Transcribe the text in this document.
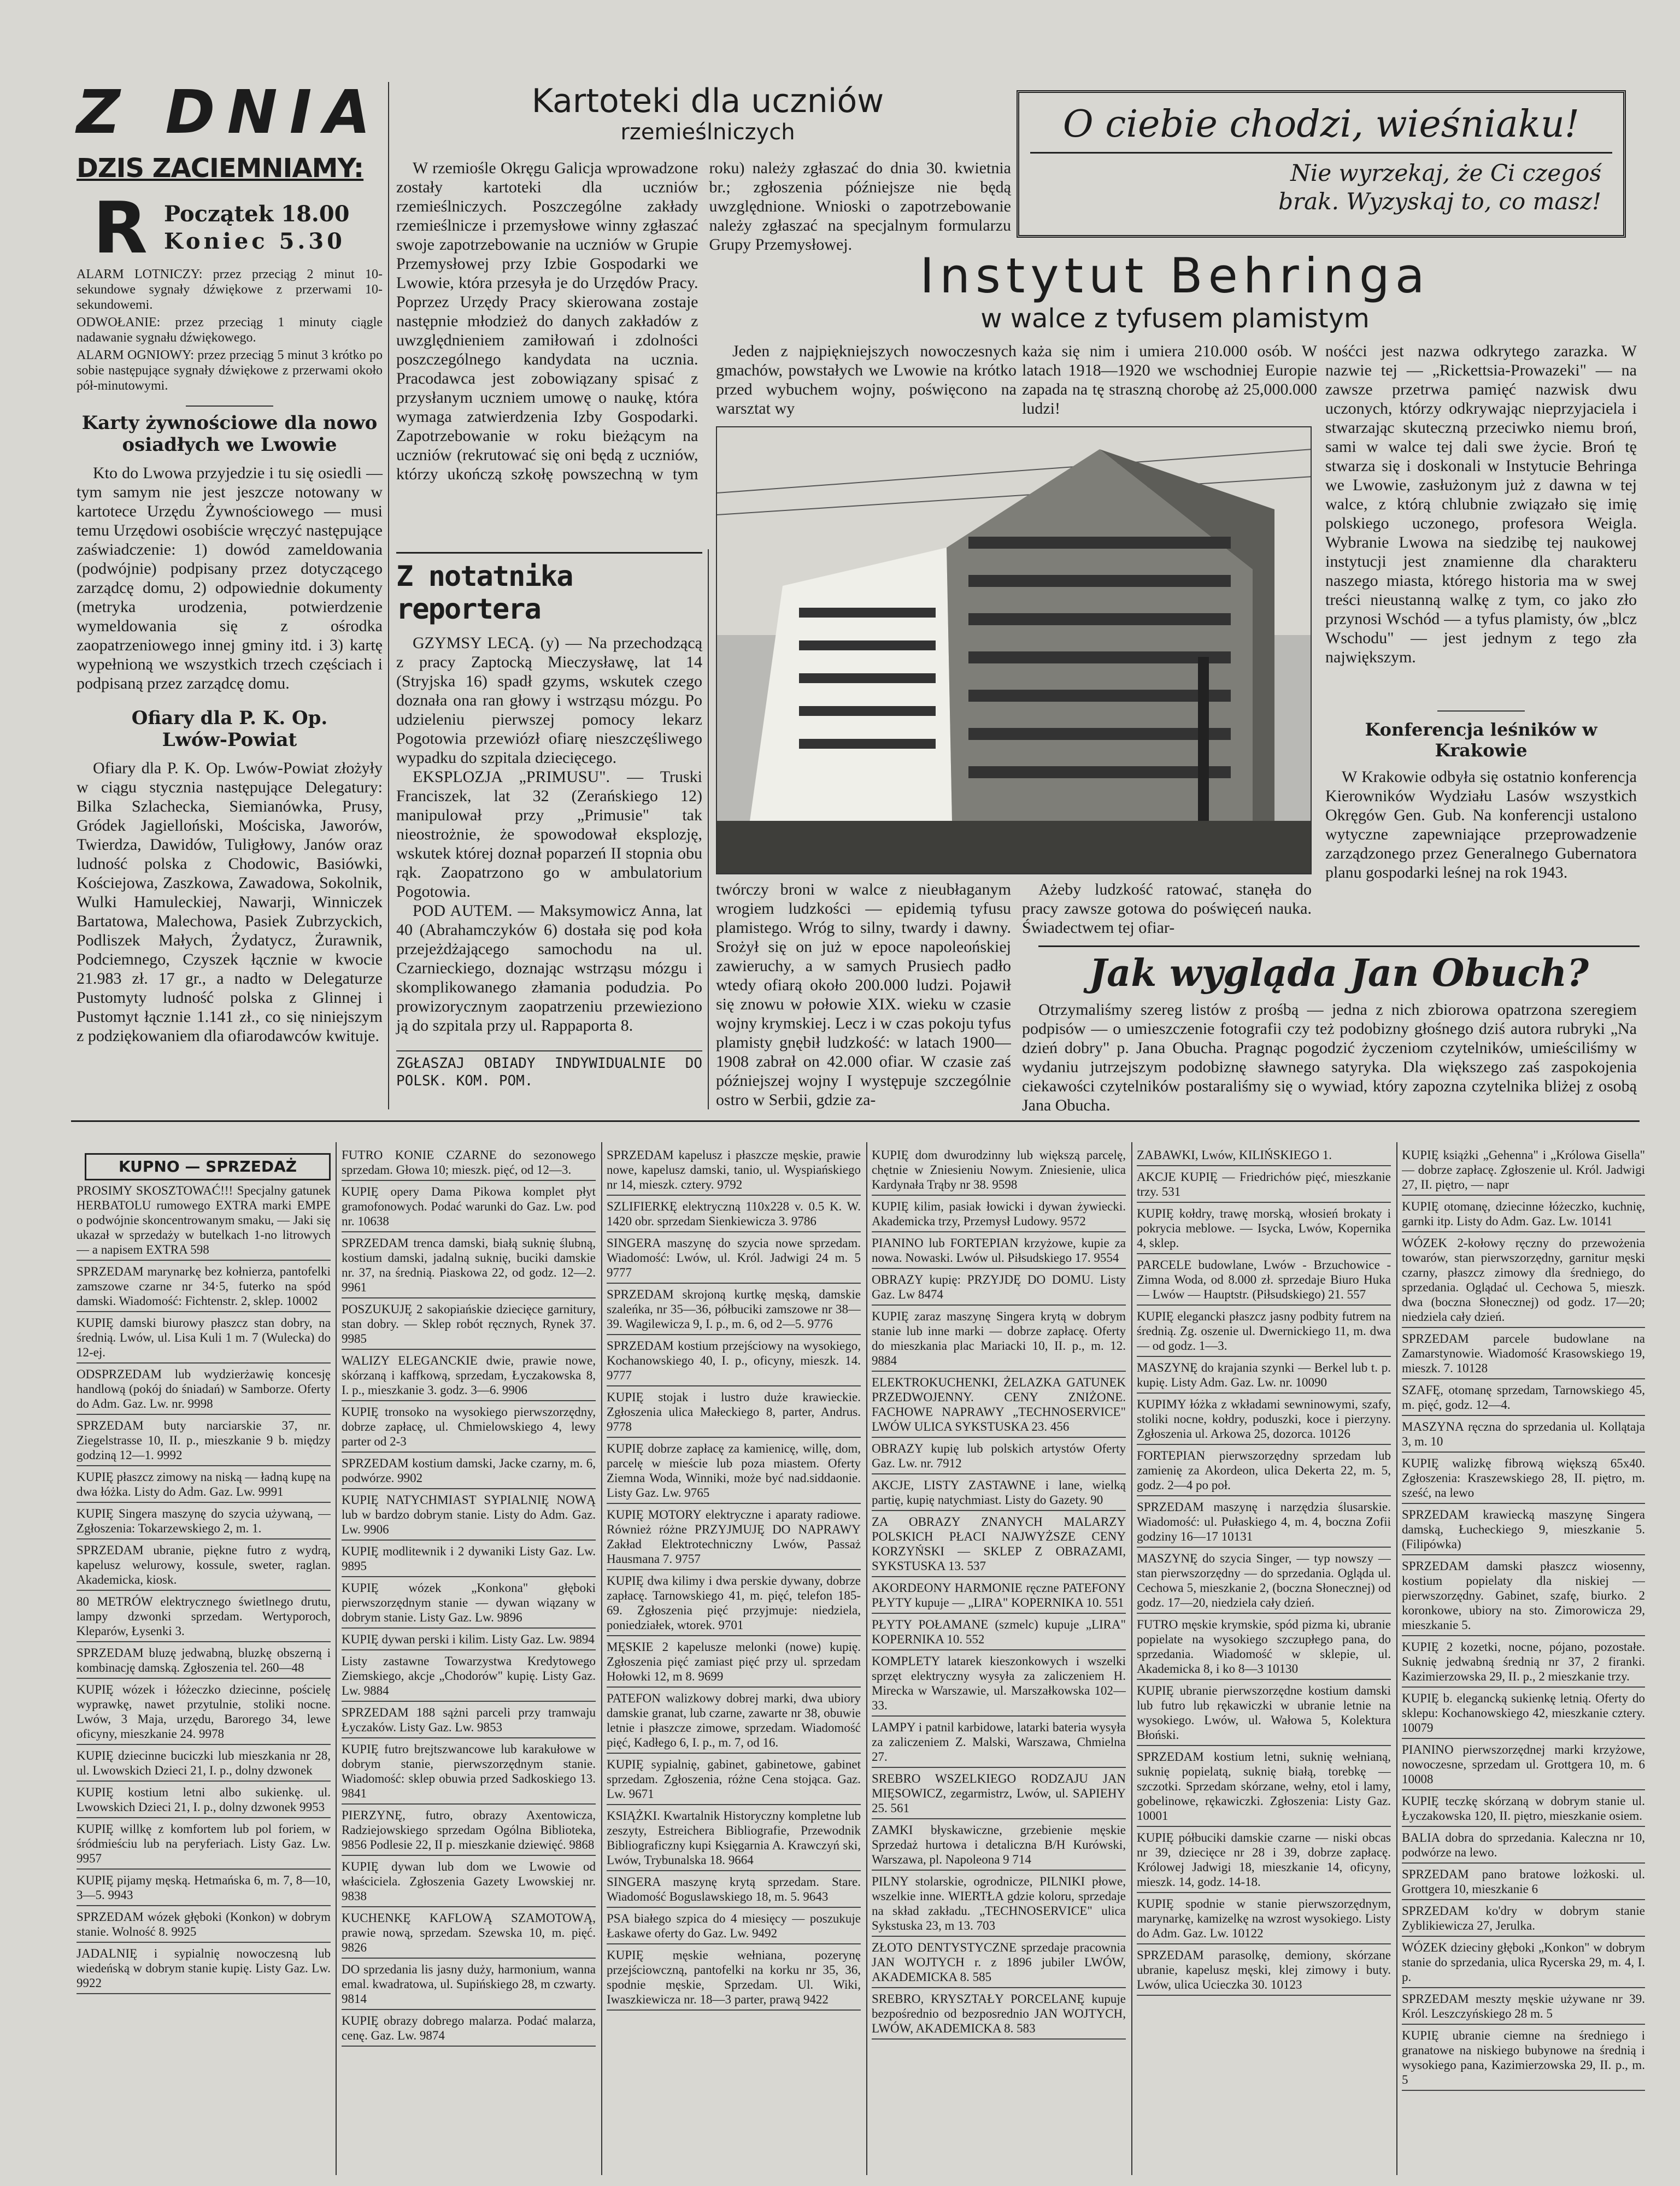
Z DNIA
DZIS ZACIEMNIAMY:
R Początek 18.00
Koniec 5.30

ALARM LOTNICZY: przez przeciąg 2 minut 10-sekundowe sygnały dźwiękowe z przerwami 10-sekundowemi.

ODWOŁANIE: przez przeciąg 1 minuty ciągle nadawanie sygnału dźwiękowego.

ALARM OGNIOWY: przez przeciąg 5 minut 3 krótko po sobie następujące sygnały dźwiękowe z przerwami około pół-minutowymi.

Karty żywnościowe dla nowo osiadłych we Lwowie

Kto do Lwowa przyjedzie i tu się osiedli — tym samym nie jest jeszcze notowany w kartotece Urzędu Żywnościowego — musi temu Urzędowi osobiście wręczyć następujące zaświadczenie: 1) dowód zameldowania (podwójnie) podpisany przez dotyczącego zarządcę domu, 2) odpowiednie dokumenty (metryka urodzenia, potwierdzenie wymeldowania się z ośrodka zaopatrzeniowego innej gminy itd. i 3) kartę wypełnioną we wszystkich trzech częściach i podpisaną przez zarządcę domu.

Ofiary dla P. K. Op. Lwów-Powiat

Ofiary dla P. K. Op. Lwów-Powiat złożyły w ciągu stycznia następujące Delegatury: Bilka Szlachecka, Siemianówka, Prusy, Gródek Jagielloński, Mościska, Jaworów, Twierdza, Dawidów, Tuligłowy, Janów oraz ludność polska z Chodowic, Basiówki, Kościejowa, Zaszkowa, Zawadowa, Sokolnik, Wulki Hamuleckiej, Nawarji, Winniczek Bartatowa, Malechowa, Pasiek Zubrzyckich, Podliszek Małych, Żydatycz, Żurawnik, Podciemnego, Czyszek łącznie w kwocie 21.983 zł. 17 gr., a nadto w Delegaturze Pustomyty ludność polska z Glinnej i Pustomyt łącznie 1.141 zł., co się niniejszym z podziękowaniem dla ofiarodawców kwituje.

Kartoteki dla uczniów
rzemieślniczych

W rzemiośle Okręgu Galicja wprowadzone zostały kartoteki dla uczniów rzemieślniczych. Poszczególne zakłady rzemieślnicze i przemysłowe winny zgłaszać swoje zapotrzebowanie na uczniów w Grupie Przemysłowej przy Izbie Gospodarki we Lwowie, która przesyła je do Urzędów Pracy. Poprzez Urzędy Pracy skierowana zostaje następnie młodzież do danych zakładów z uwzględnieniem zamiłowań i zdolności poszczególnego kandydata na ucznia. Pracodawca jest zobowiązany spisać z przysłanym uczniem umowę o naukę, która wymaga zatwierdzenia Izby Gospodarki. Zapotrzebowanie w roku bieżącym na uczniów (rekrutować się oni będą z uczniów, którzy ukończą szkołę powszechną w tym roku) należy zgłaszać do dnia 30. kwietnia br.; zgłoszenia późniejsze nie będą uwzględnione. Wnioski o zapotrzebowanie należy zgłaszać na specjalnym formularzu Grupy Przemysłowej.

Z notatnika reportera

GZYMSY LECĄ. (y) — Na przechodzącą z pracy Zaptocką Mieczysławę, lat 14 (Stryjska 16) spadł gzyms, wskutek czego doznała ona ran głowy i wstrząsu mózgu. Po udzieleniu pierwszej pomocy lekarz Pogotowia przewiózł ofiarę nieszczęśliwego wypadku do szpitala dziecięcego.

EKSPLOZJA „PRIMUSU". — Truski Franciszek, lat 32 (Zerańskiego 12) manipulował przy „Primusie" tak nieostrożnie, że spowodował eksplozję, wskutek której doznał poparzeń II stopnia obu rąk. Zaopatrzono go w ambulatorium Pogotowia.

POD AUTEM. — Maksymowicz Anna, lat 40 (Abrahamczyków 6) dostała się pod koła przejeżdżającego samochodu na ul. Czarnieckiego, doznając wstrząsu mózgu i skomplikowanego złamania podudzia. Po prowizorycznym zaopatrzeniu przewieziono ją do szpitala przy ul. Rappaporta 8.

ZGŁASZAJ OBIADY INDYWIDUALNIE DO POLSK. KOM. POM.

O ciebie chodzi, wieśniaku!
Nie wyrzekaj, że Ci czegoś
brak. Wyzyskaj to, co masz!
Instytut Behringa
w walce z tyfusem plamistym

Jeden z najpiękniejszych nowoczesnych gmachów, powstałych we Lwowie na krótko przed wybuchem wojny, poświęcono na warsztat wy

każa się nim i umiera 210.000 osób. W latach 1918—1920 we wschodniej Europie zapada na tę straszną chorobę aż 25,000.000 ludzi!

nośćci jest nazwa odkrytego zarazka. W nazwie tej — „Rickettsia-Prowazeki" — na zawsze przetrwa pamięć nazwisk dwu uczonych, którzy odkrywając nieprzyjaciela i stwarzając skuteczną przeciwko niemu broń, sami w walce tej dali swe życie. Broń tę stwarza się i doskonali w Instytucie Behringa we Lwowie, zasłużonym już z dawna w tej walce, z którą chlubnie związało się imię polskiego uczonego, profesora Weigla. Wybranie Lwowa na siedzibę tej naukowej instytucji jest znamienne dla charakteru naszego miasta, którego historia ma w swej treści nieustanną walkę z tym, co jako zło przynosi Wschód — a tyfus plamisty, ów „blcz Wschodu" — jest jednym z tego zła największym.

twórczy broni w walce z nieubłaganym wrogiem ludzkości — epidemią tyfusu plamistego. Wróg to silny, twardy i dawny. Srożył się on już w epoce napoleońskiej zawieruchy, a w samych Prusiech padło wtedy ofiarą około 200.000 ludzi. Pojawił się znowu w połowie XIX. wieku w czasie wojny krymskiej. Lecz i w czas pokoju tyfus plamisty gnębił ludzkość: w latach 1900—1908 zabrał on 42.000 ofiar. W czasie zaś późniejszej wojny I występuje szczególnie ostro w Serbii, gdzie za-

Ażeby ludzkość ratować, stanęła do pracy zawsze gotowa do poświęceń nauka. Świadectwem tej ofiar-

Konferencja leśników w Krakowie

W Krakowie odbyła się ostatnio konferencja Kierowników Wydziału Lasów wszystkich Okręgów Gen. Gub. Na konferencji ustalono wytyczne zapewniające przeprowadzenie zarządzonego przez Generalnego Gubernatora planu gospodarki leśnej na rok 1943.

Jak wygląda Jan Obuch?

Otrzymaliśmy szereg listów z prośbą — jedna z nich zbiorowa opatrzona szeregiem podpisów — o umieszczenie fotografii czy też podobizny głośnego dziś autora rubryki „Na dzień dobry" p. Jana Obucha. Pragnąc pogodzić życzeniom czytelników, umieściliśmy w wydaniu jutrzejszym podobiznę sławnego satyryka. Dla większego zaś zaspokojenia ciekawości czytelników postaraliśmy się o wywiad, który zapozna czytelnika bliżej z osobą Jana Obucha.

KUPNO — SPRZEDAŻ

PROSIMY SKOSZTOWAĆ!!! Specjalny gatunek HERBATOLU rumowego EXTRA marki EMPE o podwójnie skoncentrowanym smaku, — Jaki się ukazał w sprzedaży w butelkach 1-no litrowych — a napisem EXTRA 598

SPRZEDAM marynarkę bez kołnierza, pantofelki zamszowe czarne nr 34·5, futerko na spód damski. Wiadomość: Fichtenstr. 2, sklep. 10002

KUPIĘ damski biurowy płaszcz stan dobry, na średnią. Lwów, ul. Lisa Kuli 1 m. 7 (Wulecka) do 12-ej.

ODSPRZEDAM lub wydzierżawię koncesję handlową (pokój do śniadań) w Samborze. Oferty do Adm. Gaz. Lw. nr. 9998

SPRZEDAM buty narciarskie 37, nr. Ziegelstrasse 10, II. p., mieszkanie 9 b. między godziną 12—1. 9992

KUPIĘ płaszcz zimowy na niską — ładną kupę na dwa łóżka. Listy do Adm. Gaz. Lw. 9991

KUPIĘ Singera maszynę do szycia używaną, — Zgłoszenia: Tokarzewskiego 2, m. 1.

SPRZEDAM ubranie, piękne futro z wydrą, kapelusz welurowy, kossule, sweter, raglan. Akademicka, kiosk.

80 METRÓW elektrycznego świetlnego drutu, lampy dzwonki sprzedam. Wertyporoch, Kleparów, Łysenki 3.

SPRZEDAM bluzę jedwabną, bluzkę obszerną i kombinację damską. Zgłoszenia tel. 260—48

KUPIĘ wózek i łóżeczko dziecinne, pościelę wyprawkę, nawet przytulnie, stoliki nocne. Lwów, 3 Maja, urzędu, Barorego 34, lewe oficyny, mieszkanie 24. 9978

KUPIĘ dziecinne buciczki lub mieszkania nr 28, ul. Lwowskich Dzieci 21, I. p., dolny dzwonek

KUPIĘ kostium letni albo sukienkę. ul. Lwowskich Dzieci 21, I. p., dolny dzwonek 9953

KUPIĘ willkę z komfortem lub pol foriem, w śródmieściu lub na peryferiach. Listy Gaz. Lw. 9957

KUPIĘ pijamy męską. Hetmańska 6, m. 7, 8—10, 3—5. 9943

SPRZEDAM wózek głęboki (Konkon) w dobrym stanie. Wolność 8. 9925

JADALNIĘ i sypialnię nowoczesną lub wiedeńską w dobrym stanie kupię. Listy Gaz. Lw. 9922

FUTRO KONIE CZARNE do sezonowego sprzedam. Głowa 10; mieszk. pięć, od 12—3.

KUPIĘ opery Dama Pikowa komplet płyt gramofonowych. Podać warunki do Gaz. Lw. pod nr. 10638

SPRZEDAM trenca damski, białą suknię ślubną, kostium damski, jadalną suknię, buciki damskie nr. 37, na średnią. Piaskowa 22, od godz. 12—2. 9961

POSZUKUJĘ 2 sakopiańskie dziecięce garnitury, stan dobry. — Sklep robót ręcznych, Rynek 37. 9985

WALIZY ELEGANCKIE dwie, prawie nowe, skórzaną i kaffkową, sprzedam, Łyczakowska 8, I. p., mieszkanie 3. godz. 3—6. 9906

KUPIĘ tronsoko na wysokiego pierwszorzędny, dobrze zapłacę, ul. Chmielowskiego 4, lewy parter od 2-3

SPRZEDAM kostium damski, Jacke czarny, m. 6, podwórze. 9902

KUPIĘ NATYCHMIAST SYPIALNIĘ NOWĄ lub w bardzo dobrym stanie. Listy do Adm. Gaz. Lw. 9906

KUPIĘ modlitewnik i 2 dywaniki Listy Gaz. Lw. 9895

KUPIĘ wózek „Konkona" głęboki pierwszorzędnym stanie — dywan wiązany w dobrym stanie. Listy Gaz. Lw. 9896

KUPIĘ dywan perski i kilim. Listy Gaz. Lw. 9894

Listy zastawne Towarzystwa Kredytowego Ziemskiego, akcje „Chodorów" kupię. Listy Gaz. Lw. 9884

SPRZEDAM 188 sążni parceli przy tramwaju Łyczaków. Listy Gaz. Lw. 9853

KUPIĘ futro brejtszwancowe lub karakułowe w dobrym stanie, pierwszorzędnym stanie. Wiadomość: sklep obuwia przed Sadkoskiego 13. 9841

PIERZYNĘ, futro, obrazy Axentowicza, Radziejowskiego sprzedam Ogólna Biblioteka, 9856 Podlesie 22, II p. mieszkanie dziewięć. 9868

KUPIĘ dywan lub dom we Lwowie od właściciela. Zgłoszenia Gazety Lwowskiej nr. 9838

KUCHENKĘ KAFLOWĄ SZAMOTOWĄ, prawie nową, sprzedam. Szewska 10, m. pięć. 9826

DO sprzedania lis jasny duży, harmonium, wanna emal. kwadratowa, ul. Supińskiego 28, m czwarty. 9814

KUPIĘ obrazy dobrego malarza. Podać malarza, cenę. Gaz. Lw. 9874

SPRZEDAM kapelusz i płaszcze męskie, prawie nowe, kapelusz damski, tanio, ul. Wyspiańskiego nr 14, mieszk. cztery. 9792

SZLIFIERKĘ elektryczną 110x228 v. 0.5 K. W. 1420 obr. sprzedam Sienkiewicza 3. 9786

SINGERA maszynę do szycia nowe sprzedam. Wiadomość: Lwów, ul. Król. Jadwigi 24 m. 5 9777

SPRZEDAM skrojoną kurtkę męską, damskie szaleńka, nr 35—36, półbuciki zamszowe nr 38—39. Wagilewicza 9, I. p., m. 6, od 2—5. 9776

SPRZEDAM kostium przejściowy na wysokiego, Kochanowskiego 40, I. p., oficyny, mieszk. 14. 9777

KUPIĘ stojak i lustro duże krawieckie. Zgłoszenia ulica Małeckiego 8, parter, Andrus. 9778

KUPIĘ dobrze zapłacę za kamienicę, willę, dom, parcelę w mieście lub poza miastem. Oferty Ziemna Woda, Winniki, może być nad.siddaonie. Listy Gaz. Lw. 9765

KUPIĘ MOTORY elektryczne i aparaty radiowe. Również różne PRZYJMUJĘ DO NAPRAWY Zakład Elektrotechniczny Lwów, Passaż Hausmana 7. 9757

KUPIĘ dwa kilimy i dwa perskie dywany, dobrze zapłacę. Tarnowskiego 41, m. pięć, telefon 185-69. Zgłoszenia pięć przyjmuje: niedziela, poniedziałek, wtorek. 9701

MĘSKIE 2 kapelusze melonki (nowe) kupię. Zgłoszenia pięć zamiast pięć przy ul. sprzedam Hołowki 12, m 8. 9699

PATEFON walizkowy dobrej marki, dwa ubiory damskie granat, lub czarne, zawarte nr 38, obuwie letnie i płaszcze zimowe, sprzedam. Wiadomość pięć, Kadłego 6, I. p., m. 7, od 16.

KUPIĘ sypialnię, gabinet, gabinetowe, gabinet sprzedam. Zgłoszenia, różne Cena stojąca. Gaz. Lw. 9671

KSIĄŻKI. Kwartalnik Historyczny kompletne lub zeszyty, Estreichera Bibliografie, Przewodnik Bibliograficzny kupi Księgarnia A. Krawczyń ski, Lwów, Trybunalska 18. 9664

SINGERA maszynę krytą sprzedam. Stare. Wiadomość Boguslawskiego 18, m. 5. 9643

PSA białego szpica do 4 miesięcy — poszukuje Łaskawe oferty do Gaz. Lw. 9492

KUPIĘ męskie wełniana, pozerynę przejściowczną, pantofelki na korku nr 35, 36, spodnie męskie, Sprzedam. Ul. Wiki, Iwaszkiewicza nr. 18—3 parter, prawą 9422

KUPIĘ dom dwurodzinny lub większą parcelę, chętnie w Zniesieniu Nowym. Zniesienie, ulica Kardynała Trąby nr 38. 9598

KUPIĘ kilim, pasiak łowicki i dywan żywiecki. Akademicka trzy, Przemysł Ludowy. 9572

PIANINO lub FORTEPIAN krzyżowe, kupie za nowa. Nowaski. Lwów ul. Piłsudskiego 17. 9554

OBRAZY kupię: PRZYJDĘ DO DOMU. Listy Gaz. Lw 8474

KUPIĘ zaraz maszynę Singera krytą w dobrym stanie lub inne marki — dobrze zapłacę. Oferty do mieszkania plac Mariacki 10, II. p., m. 12. 9884

ELEKTROKUCHENKI, ŻELAZKA GATUNEK PRZEDWOJENNY. CENY ZNIŻONE. FACHOWE NAPRAWY „TECHNOSERVICE" LWÓW ULICA SYKSTUSKA 23. 456

OBRAZY kupię lub polskich artystów Oferty Gaz. Lw. nr. 7912

AKCJE, LISTY ZASTAWNE i lane, wielką partię, kupię natychmiast. Listy do Gazety. 90

ZA OBRAZY ZNANYCH MALARZY POLSKICH PŁACI NAJWYŻSZE CENY KORZYŃSKI — SKLEP Z OBRAZAMI, SYKSTUSKA 13. 537

AKORDEONY HARMONIE ręczne PATEFONY PŁYTY kupuje — „LIRA" KOPERNIKA 10. 551

PŁYTY POŁAMANE (szmelc) kupuje „LIRA" KOPERNIKA 10. 552

KOMPLETY latarek kieszonkowych i wszelki sprzęt elektryczny wysyła za zaliczeniem H. Mirecka w Warszawie, ul. Marszałkowska 102—33.

LAMPY i patnil karbidowe, latarki bateria wysyła za zaliczeniem Z. Malski, Warszawa, Chmielna 27.

SREBRO WSZELKIEGO RODZAJU JAN MIĘSOWICZ, zegarmistrz, Lwów, ul. SAPIEHY 25. 561

ZAMKI błyskawiczne, grzebienie męskie Sprzedaż hurtowa i detaliczna B/H Kurówski, Warszawa, pl. Napoleona 9 714

PILNY stolarskie, ogrodnicze, PILNIKI płowe, wszelkie inne. WIERTŁA gdzie koloru, sprzedaje na skład zakładu. „TECHNOSERVICE" ulica Sykstuska 23, m 13. 703

ZŁOTO DENTYSTYCZNE sprzedaje pracownia JAN WOJTYCH r. z 1896 jubiler LWÓW, AKADEMICKA 8. 585

SREBRO, KRYSZTAŁY PORCELANĘ kupuje bezpośrednio od bezposrednio JAN WOJTYCH, LWÓW, AKADEMICKA 8. 583

ZABAWKI, Lwów, KILIŃSKIEGO 1.

AKCJE KUPIĘ — Friedrichów pięć, mieszkanie trzy. 531

KUPIĘ kołdry, trawę morską, włosień brokaty i pokrycia meblowe. — Isycka, Lwów, Kopernika 4, sklep.

PARCELE budowlane, Lwów - Brzuchowice - Zimna Woda, od 8.000 zł. sprzedaje Biuro Huka — Lwów — Hauptstr. (Piłsudskiego) 21. 557

KUPIĘ elegancki płaszcz jasny podbity futrem na średnią. Zg. oszenie ul. Dwernickiego 11, m. dwa — od godz. 1—3.

MASZYNĘ do krajania szynki — Berkel lub t. p. kupię. Listy Adm. Gaz. Lw. nr. 10090

KUPIMY łóżka z wkładami sewninowymi, szafy, stoliki nocne, kołdry, poduszki, koce i pierzyny. Zgłoszenia ul. Arkowa 25, dozorca. 10126

FORTEPIAN pierwszorzędny sprzedam lub zamienię za Akordeon, ulica Dekerta 22, m. 5, godz. 2—4 po poł.

SPRZEDAM maszynę i narzędzia ślusarskie. Wiadomość: ul. Pułaskiego 4, m. 4, boczna Zofii godziny 16—17 10131

MASZYNĘ do szycia Singer, — typ nowszy — stan pierwszorzędny — do sprzedania. Ogląda ul. Cechowa 5, mieszkanie 2, (boczna Słonecznej) od godz. 17—20, niedziela cały dzień.

FUTRO męskie krymskie, spód pizma ki, ubranie popielate na wysokiego szczupłego pana, do sprzedania. Wiadomość w sklepie, ul. Akademicka 8, i ko 8—3 10130

KUPIĘ ubranie pierwszorzędne kostium damski lub futro lub rękawiczki w ubranie letnie na wysokiego. Lwów, ul. Wałowa 5, Kolektura Błoński.

SPRZEDAM kostium letni, suknię wełnianą, suknię popielatą, suknię białą, torebkę — szczotki. Sprzedam skórzane, wełny, etol i lamy, gobelinowe, rękawiczki. Zgłoszenia: Listy Gaz. 10001

KUPIĘ półbuciki damskie czarne — niski obcas nr 39, dziecięce nr 28 i 39, dobrze zapłacę. Królowej Jadwigi 18, mieszkanie 14, oficyny, mieszk. 14, godz. 14-18.

KUPIĘ spodnie w stanie pierwszorzędnym, marynarkę, kamizelkę na wzrost wysokiego. Listy do Adm. Gaz. Lw. 10122

SPRZEDAM parasolkę, demiony, skórzane ubranie, kapelusz męski, klej zimowy i buty. Lwów, ulica Ucieczka 30. 10123

KUPIĘ książki „Gehenna" i „Królowa Gisella" — dobrze zapłacę. Zgłoszenie ul. Król. Jadwigi 27, II. piętro, — napr

KUPIĘ otomanę, dziecinne łóżeczko, kuchnię, garnki itp. Listy do Adm. Gaz. Lw. 10141

WÓZEK 2-kołowy ręczny do przewożenia towarów, stan pierwszorzędny, garnitur męski czarny, płaszcz zimowy dla średniego, do sprzedania. Oglądać ul. Cechowa 5, mieszk. dwa (boczna Słonecznej) od godz. 17—20; niedziela cały dzień.

SPRZEDAM parcele budowlane na Zamarstynowie. Wiadomość Krasowskiego 19, mieszk. 7. 10128

SZAFĘ, otomanę sprzedam, Tarnowskiego 45, m. pięć, godz. 12—4.

MASZYNA ręczna do sprzedania ul. Kollątaja 3, m. 10

KUPIĘ walizkę fibrową większą 65x40. Zgłoszenia: Kraszewskiego 28, II. piętro, m. sześć, na lewo

SPRZEDAM krawiecką maszynę Singera damską, Łucheckiego 9, mieszkanie 5. (Filipówka)

SPRZEDAM damski płaszcz wiosenny, kostium popielaty dla niskiej — pierwszorzędny. Gabinet, szafę, biurko. 2 koronkowe, ubiory na sto. Zimorowicza 29, mieszkanie 5.

KUPIĘ 2 kozetki, nocne, pójano, pozostałe. Suknię jedwabną średnią nr 37, 2 firanki. Kazimierzowska 29, II. p., 2 mieszkanie trzy.

KUPIĘ b. elegancką sukienkę letnią. Oferty do sklepu: Kochanowskiego 42, mieszkanie cztery. 10079

PIANINO pierwszorzędnej marki krzyżowe, nowoczesne, sprzedam ul. Grottgera 10, m. 6 10008

KUPIĘ teczkę skórzaną w dobrym stanie ul. Łyczakowska 120, II. piętro, mieszkanie osiem.

BALIA dobra do sprzedania. Kaleczna nr 10, podwórze na lewo.

SPRZEDAM pano bratowe lożkoski. ul. Grottgera 10, mieszkanie 6

SPRZEDAM ko'dry w dobrym stanie Zyblikiewicza 27, Jerulka.

WÓZEK dzieciny głęboki „Konkon" w dobrym stanie do sprzedania, ulica Rycerska 29, m. 4, I. p.

SPRZEDAM meszty męskie używane nr 39. Król. Leszczyńskiego 28 m. 5

KUPIĘ ubranie ciemne na średniego i granatowe na niskiego bubynowe na średnią i wysokiego pana, Kazimierzowska 29, II. p., m. 5
